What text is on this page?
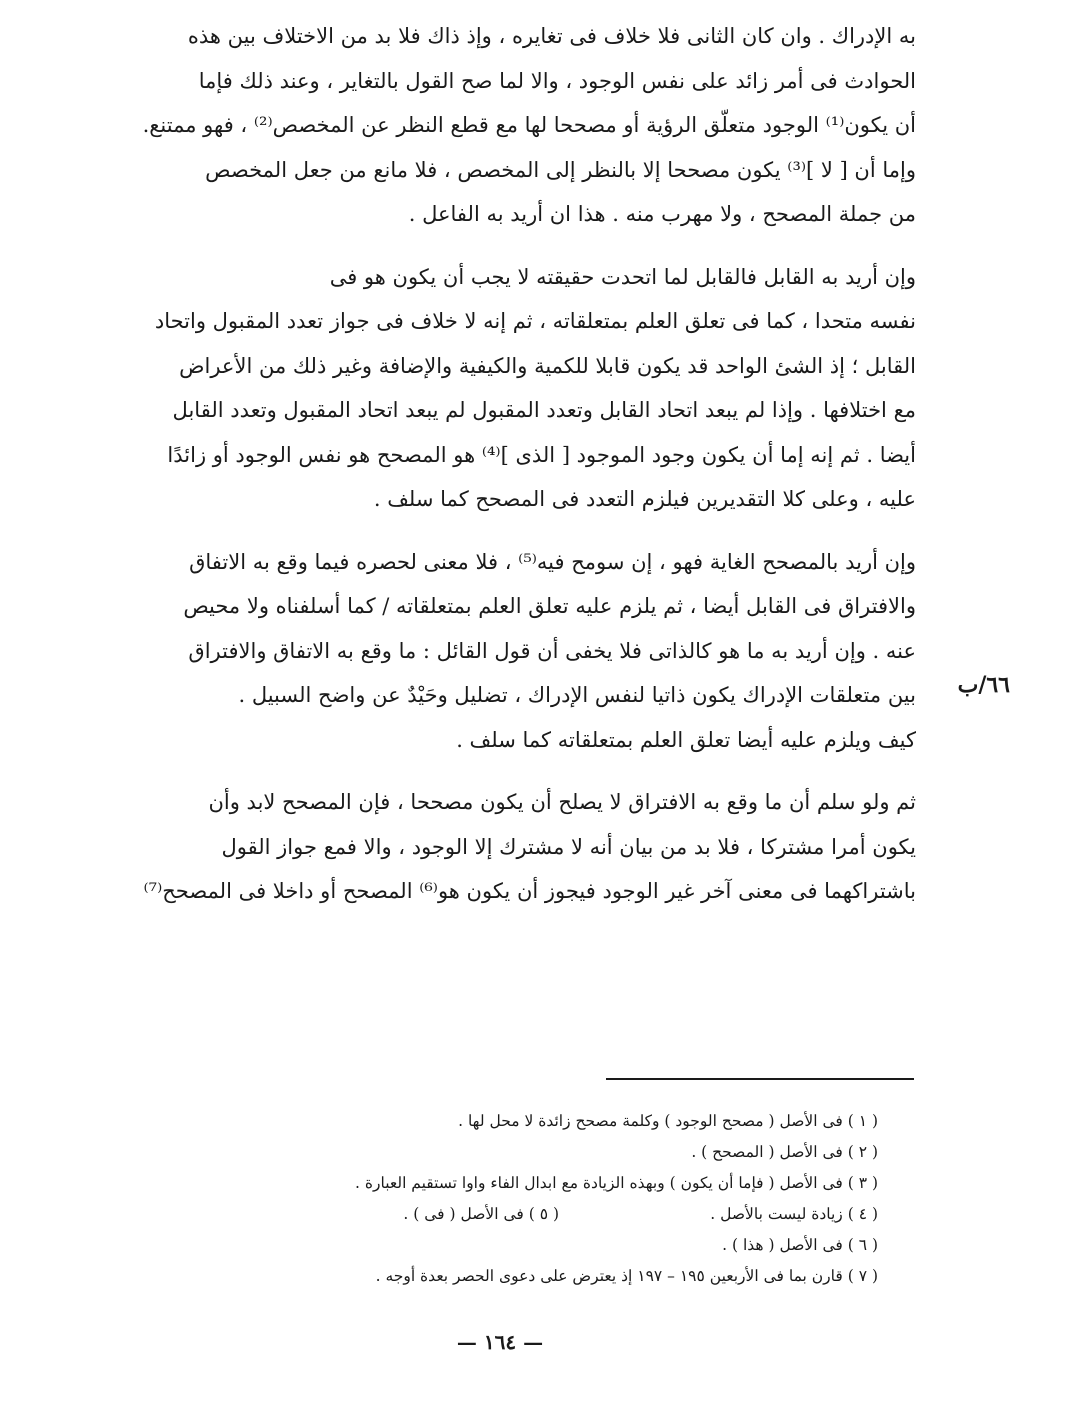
به الإدراك . وان كان الثانى فلا خلاف فى تغايره ، وإذ ذاك فلا بد من الاختلاف بين هذه
الحوادث فى أمر زائد على نفس الوجود ، والا لما صح القول بالتغاير ، وعند ذلك فإما
أن يكون⁽¹⁾ الوجود متعلّق الرؤية أو مصححا لها مع قطع النظر عن المخصص⁽²⁾ ، فهو ممتنع.
وإما أن [ لا ]⁽³⁾ يكون مصححا إلا بالنظر إلى المخصص ، فلا مانع من جعل المخصص
من جملة المصحح ، ولا مهرب منه . هذا ان أريد به الفاعل .

وإن أريد به القابل فالقابل لما اتحدت حقيقته لا يجب أن يكون هو فى
نفسه متحدا ، كما فى تعلق العلم بمتعلقاته ، ثم إنه لا خلاف فى جواز تعدد المقبول واتحاد
القابل ؛ إذ الشئ الواحد قد يكون قابلا للكمية والكيفية والإضافة وغير ذلك من الأعراض
مع اختلافها . وإذا لم يبعد اتحاد القابل وتعدد المقبول لم يبعد اتحاد المقبول وتعدد القابل
أيضا . ثم إنه إما أن يكون وجود الموجود [ الذى ]⁽⁴⁾ هو المصحح هو نفس الوجود أو زائدًا
عليه ، وعلى كلا التقديرين فيلزم التعدد فى المصحح كما سلف .

وإن أريد بالمصحح الغاية فهو ، إن سومح فيه⁽⁵⁾ ، فلا معنى لحصره فيما وقع به الاتفاق
والافتراق فى القابل أيضا ، ثم يلزم عليه تعلق العلم بمتعلقاته / كما أسلفناه ولا محيص
عنه . وإن أريد به ما هو كالذاتى فلا يخفى أن قول القائل : ما وقع به الاتفاق والافتراق
بين متعلقات الإدراك يكون ذاتيا لنفس الإدراك ، تضليل وحَيْدٌ عن واضح السبيل .
كيف ويلزم عليه أيضا تعلق العلم بمتعلقاته كما سلف .

ثم ولو سلم أن ما وقع به الافتراق لا يصلح أن يكون مصححا ، فإن المصحح لابد وأن
يكون أمرا مشتركا ، فلا بد من بيان أنه لا مشترك إلا الوجود ، والا فمع جواز القول
باشتراكهما فى معنى آخر غير الوجود فيجوز أن يكون هو⁽⁶⁾ المصحح أو داخلا فى المصحح⁽⁷⁾

٦٦/ب
( ١ ) فى الأصل ( مصحح الوجود ) وكلمة مصحح زائدة لا محل لها .
( ٢ ) فى الأصل ( المصحح ) .
( ٣ ) فى الأصل ( فإما أن يكون ) وبهذه الزيادة مع ابدال الفاء واوا تستقيم العبارة .
( ٤ ) زيادة ليست بالأصل .
( ٥ ) فى الأصل ( فى ) .
( ٦ ) فى الأصل ( هذا ) .
( ٧ ) قارن بما فى الأربعين ١٩٥ – ١٩٧ إذ يعترض على دعوى الحصر بعدة أوجه .
— ١٦٤ —
